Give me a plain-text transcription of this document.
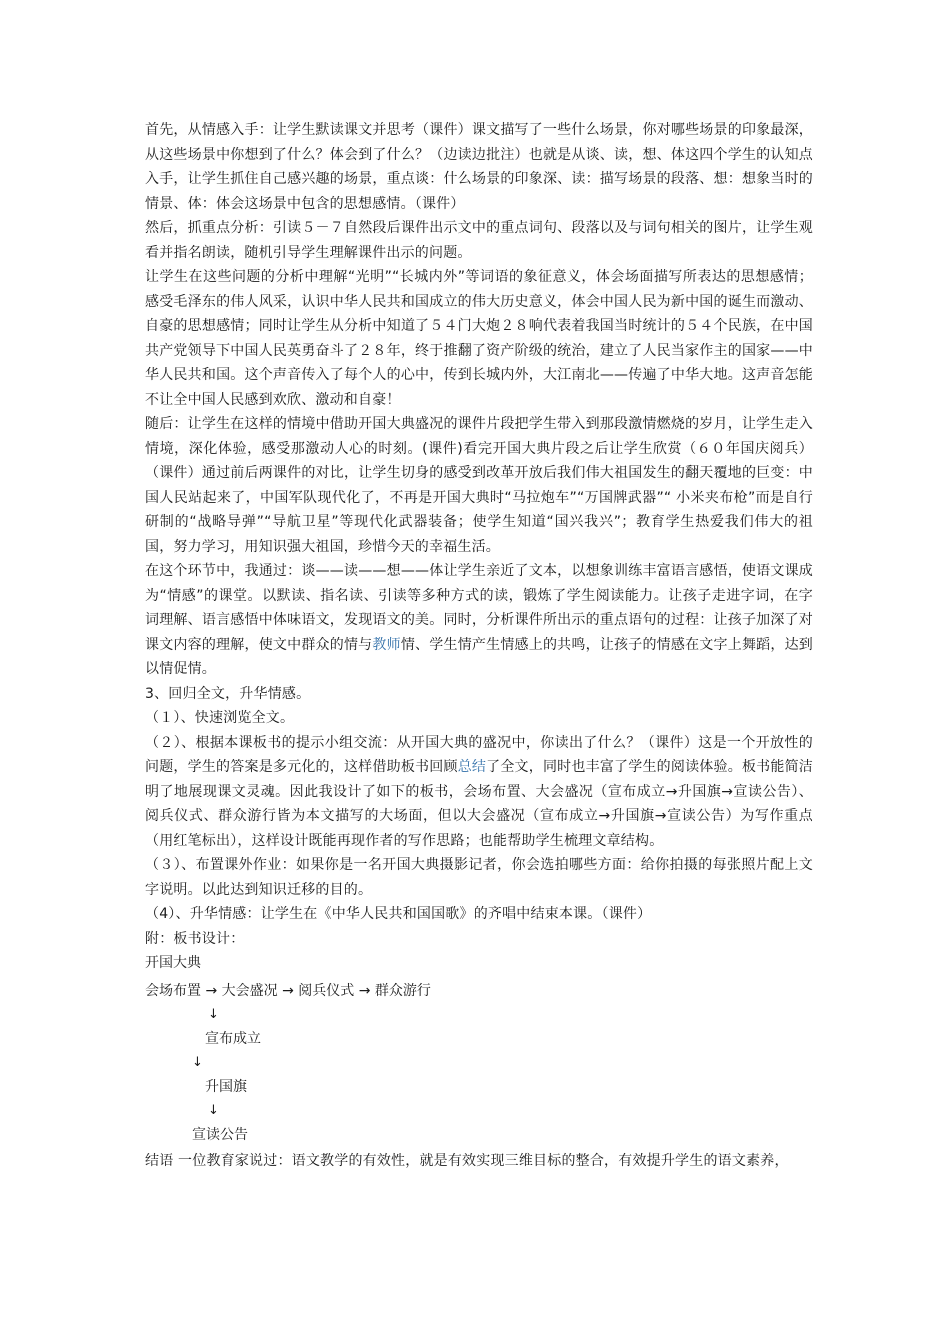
首先，从情感入手：让学生默读课文并思考（课件）课文描写了一些什么场景，你对哪些场景的印象最深，从这些场景中你想到了什么？体会到了什么？（边读边批注）也就是从谈、读，想、体这四个学生的认知点入手，让学生抓住自己感兴趣的场景，重点谈：什么场景的印象深、读：描写场景的段落、想：想象当时的情景、体：体会这场景中包含的思想感情。（课件）

然后，抓重点分析：引读５－７自然段后课件出示文中的重点词句、段落以及与词句相关的图片，让学生观看并指名朗读，随机引导学生理解课件出示的问题。

让学生在这些问题的分析中理解“光明”“长城内外”等词语的象征意义，体会场面描写所表达的思想感情；感受毛泽东的伟人风采，认识中华人民共和国成立的伟大历史意义，体会中国人民为新中国的诞生而激动、自豪的思想感情；同时让学生从分析中知道了５４门大炮２８响代表着我国当时统计的５４个民族，在中国共产党领导下中国人民英勇奋斗了２８年，终于推翻了资产阶级的统治，建立了人民当家作主的国家——中华人民共和国。这个声音传入了每个人的心中，传到长城内外，大江南北——传遍了中华大地。这声音怎能不让全中国人民感到欢欣、激动和自豪！

随后：让学生在这样的情境中借助开国大典盛况的课件片段把学生带入到那段激情燃烧的岁月，让学生走入情境，深化体验，感受那激动人心的时刻。(课件)看完开国大典片段之后让学生欣赏（６０年国庆阅兵）（课件）通过前后两课件的对比，让学生切身的感受到改革开放后我们伟大祖国发生的翻天覆地的巨变：中国人民站起来了，中国军队现代化了，不再是开国大典时“马拉炮车”“万国牌武器”“ 小米夹布枪”而是自行研制的“战略导弹”“导航卫星”等现代化武器装备；使学生知道“国兴我兴”；教育学生热爱我们伟大的祖国，努力学习，用知识强大祖国，珍惜今天的幸福生活。

在这个环节中，我通过：谈——读——想——体让学生亲近了文本，以想象训练丰富语言感悟，使语文课成为“情感”的课堂。以默读、指名读、引读等多种方式的读，锻炼了学生阅读能力。让孩子走进字词，在字词理解、语言感悟中体味语文，发现语文的美。同时，分析课件所出示的重点语句的过程：让孩子加深了对课文内容的理解，使文中群众的情与教师情、学生情产生情感上的共鸣，让孩子的情感在文字上舞蹈，达到以情促情。

3、回归全文，升华情感。

（１）、快速浏览全文。

（２）、根据本课板书的提示小组交流：从开国大典的盛况中，你读出了什么？（课件）这是一个开放性的问题，学生的答案是多元化的，这样借助板书回顾总结了全文，同时也丰富了学生的阅读体验。板书能简洁明了地展现课文灵魂。因此我设计了如下的板书，会场布置、大会盛况（宣布成立→升国旗→宣读公告）、阅兵仪式、群众游行皆为本文描写的大场面，但以大会盛况（宣布成立→升国旗→宣读公告）为写作重点（用红笔标出），这样设计既能再现作者的写作思路；也能帮助学生梳理文章结构。

（３）、布置课外作业：如果你是一名开国大典摄影记者，你会选拍哪些方面：给你拍摄的每张照片配上文字说明。以此达到知识迁移的目的。

（4）、升华情感：让学生在《中华人民共和国国歌》的齐唱中结束本课。（课件）

附：板书设计：

开国大典
会场布置 → 大会盛况 → 阅兵仪式 → 群众游行
↓
宣布成立
↓
升国旗
↓
宣读公告

结语 一位教育家说过：语文教学的有效性，就是有效实现三维目标的整合，有效提升学生的语文素养，
